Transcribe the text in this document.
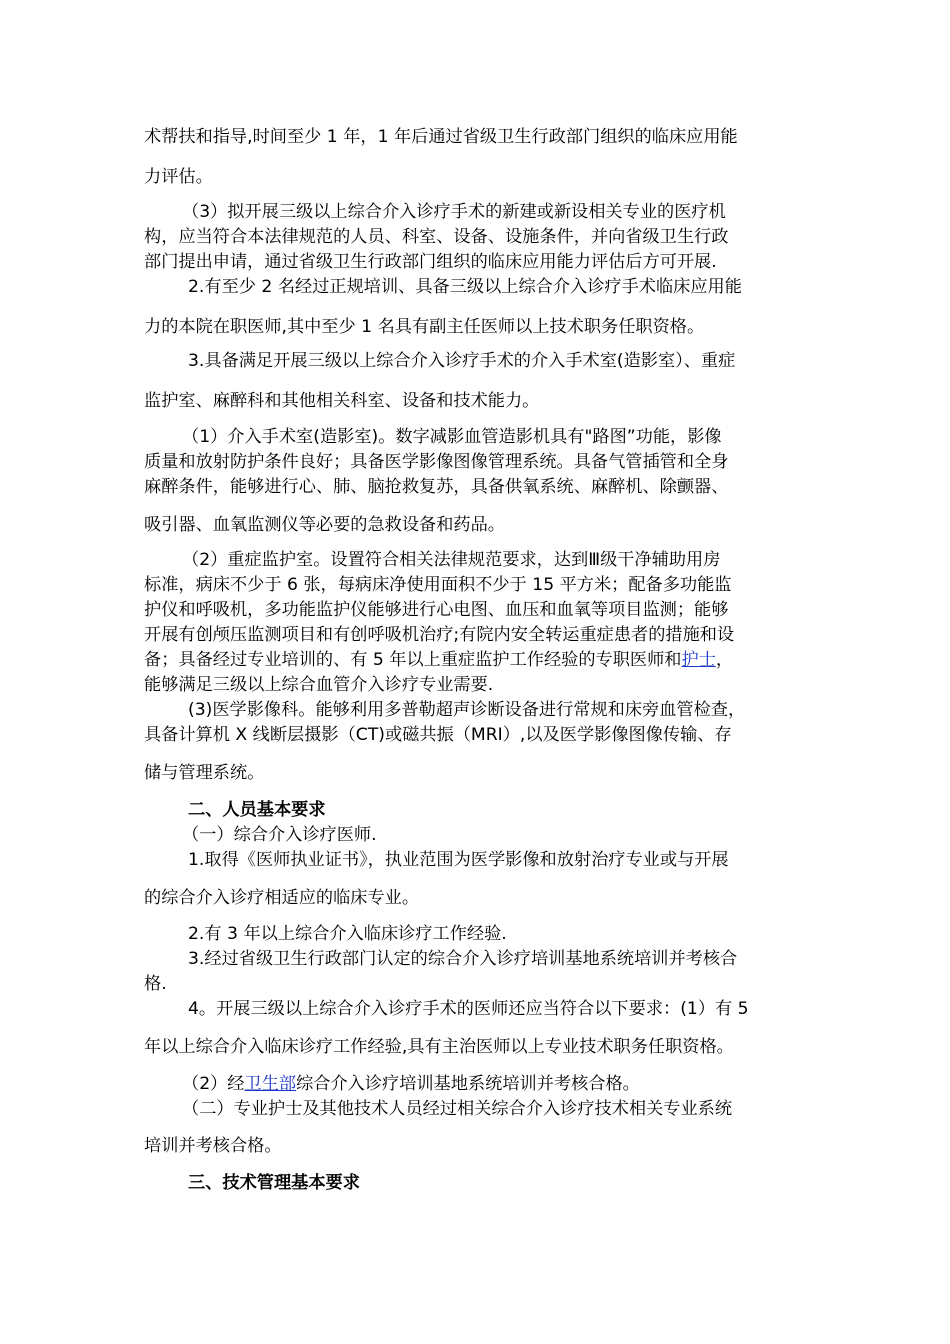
术帮扶和指导,时间至少 1 年，1 年后通过省级卫生行政部门组织的临床应用能
力评估。
（3）拟开展三级以上综合介入诊疗手术的新建或新设相关专业的医疗机
构，应当符合本法律规范的人员、科室、设备、设施条件，并向省级卫生行政
部门提出申请，通过省级卫生行政部门组织的临床应用能力评估后方可开展.
2.有至少 2 名经过正规培训、具备三级以上综合介入诊疗手术临床应用能
力的本院在职医师,其中至少 1 名具有副主任医师以上技术职务任职资格。
3.具备满足开展三级以上综合介入诊疗手术的介入手术室(造影室）、重症
监护室、麻醉科和其他相关科室、设备和技术能力。
（1）介入手术室(造影室)。数字减影血管造影机具有"路图”功能，影像
质量和放射防护条件良好；具备医学影像图像管理系统。具备气管插管和全身
麻醉条件，能够进行心、肺、脑抢救复苏，具备供氧系统、麻醉机、除颤器、
吸引器、血氧监测仪等必要的急救设备和药品。
（2）重症监护室。设置符合相关法律规范要求，达到Ⅲ级干净辅助用房
标准，病床不少于 6 张，每病床净使用面积不少于 15 平方米；配备多功能监
护仪和呼吸机，多功能监护仪能够进行心电图、血压和血氧等项目监测；能够
开展有创颅压监测项目和有创呼吸机治疗;有院内安全转运重症患者的措施和设
备；具备经过专业培训的、有 5 年以上重症监护工作经验的专职医师和护士，
能够满足三级以上综合血管介入诊疗专业需要.
(3)医学影像科。能够利用多普勒超声诊断设备进行常规和床旁血管检查，
具备计算机 X 线断层摄影（CT)或磁共振（MRI）,以及医学影像图像传输、存
储与管理系统。
二、人员基本要求
（一）综合介入诊疗医师.
1.取得《医师执业证书》，执业范围为医学影像和放射治疗专业或与开展
的综合介入诊疗相适应的临床专业。
2.有 3 年以上综合介入临床诊疗工作经验.
3.经过省级卫生行政部门认定的综合介入诊疗培训基地系统培训并考核合
格.
4。开展三级以上综合介入诊疗手术的医师还应当符合以下要求：(1）有 5
年以上综合介入临床诊疗工作经验,具有主治医师以上专业技术职务任职资格。
（2）经卫生部综合介入诊疗培训基地系统培训并考核合格。
（二）专业护士及其他技术人员经过相关综合介入诊疗技术相关专业系统
培训并考核合格。
三、技术管理基本要求
